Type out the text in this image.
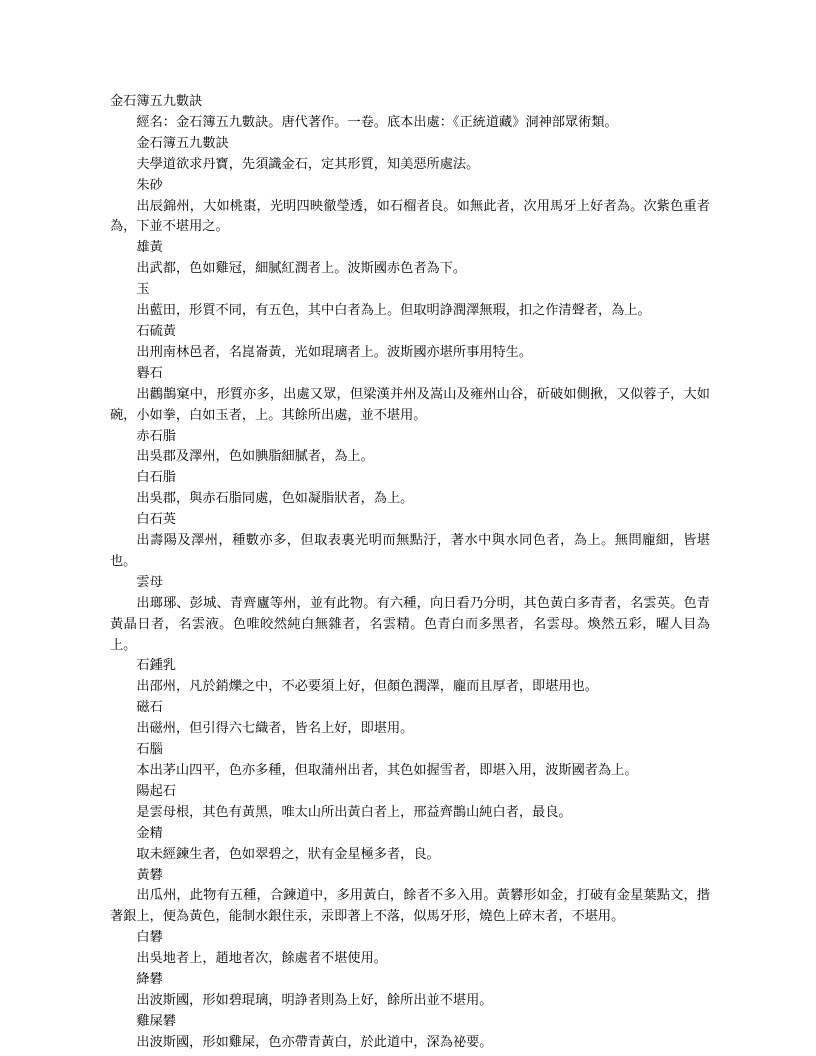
金石簿五九數訣
經名：金石簿五九數訣。唐代著作。一卷。底本出處：《正統道藏》洞神部眾術類。
金石簿五九數訣
夫學道欲求丹寶，先須識金石，定其形質，知美惡所處法。
朱砂
出辰錦州，大如桃棗，光明四映徹瑩透，如石榴者良。如無此者，次用馬牙上好者為。次紫色重者為，下並不堪用之。
雄黃
出武都，色如雞冠，細膩紅潤者上。波斯國赤色者為下。
玉
出藍田，形質不同，有五色，其中白者為上。但取明諍潤澤無瑕，扣之作清聲者，為上。
石硫黃
出刑南林邑者，名崑崙黃，光如琨璃者上。波斯國亦堪所事用特生。
礜石
出鸛鵲窠中，形質亦多，出處又眾，但梁漢并州及嵩山及雍州山谷，斫破如側揪，又似蓉子，大如碗，小如拳，白如玉者，上。其餘所出處，並不堪用。
赤石脂
出吳郡及澤州，色如腆脂細膩者，為上。
白石脂
出吳郡，與赤石脂同處，色如凝脂狀者，為上。
白石英
出壽陽及澤州，種數亦多，但取表裏光明而無點汙，著水中與水同色者，為上。無問龐細，皆堪也。
雲母
出瑯琊、彭城、青齊廬等州，並有此物。有六種，向日看乃分明，其色黃白多青者，名雲英。色青黃晶日者，名雲液。色唯皎然純白無雜者，名雲精。色青白而多黑者，名雲母。煥然五彩，曜人目為上。
石鍾乳
出邵州，凡於銷爍之中，不必要須上好，但顏色潤澤，龐而且厚者，即堪用也。
磁石
出磁州，但引得六七織者，皆名上好，即堪用。
石腦
本出茅山四平，色亦多種，但取蒲州出者，其色如握雪者，即堪入用，波斯國者為上。
陽起石
是雲母根，其色有黃黑，唯太山所出黃白者上，邢益齊鵲山純白者，最良。
金精
取未經鍊生者，色如翠碧之，狀有金星極多者，良。
黃礬
出瓜州，此物有五種，合鍊道中，多用黃白，餘者不多入用。黃礬形如金，打破有金星葉點文，揩著銀上，便為黃色，能制水銀住汞，汞即著上不落，似馬牙形，燒色上碎末者，不堪用。
白礬
出吳地者上，趙地者次，餘處者不堪使用。
絳礬
出波斯國，形如碧琨璃，明諍者則為上好，餘所出並不堪用。
雞屎礬
出波斯國，形如雞屎，色亦帶青黃白，於此道中，深為祕要。
